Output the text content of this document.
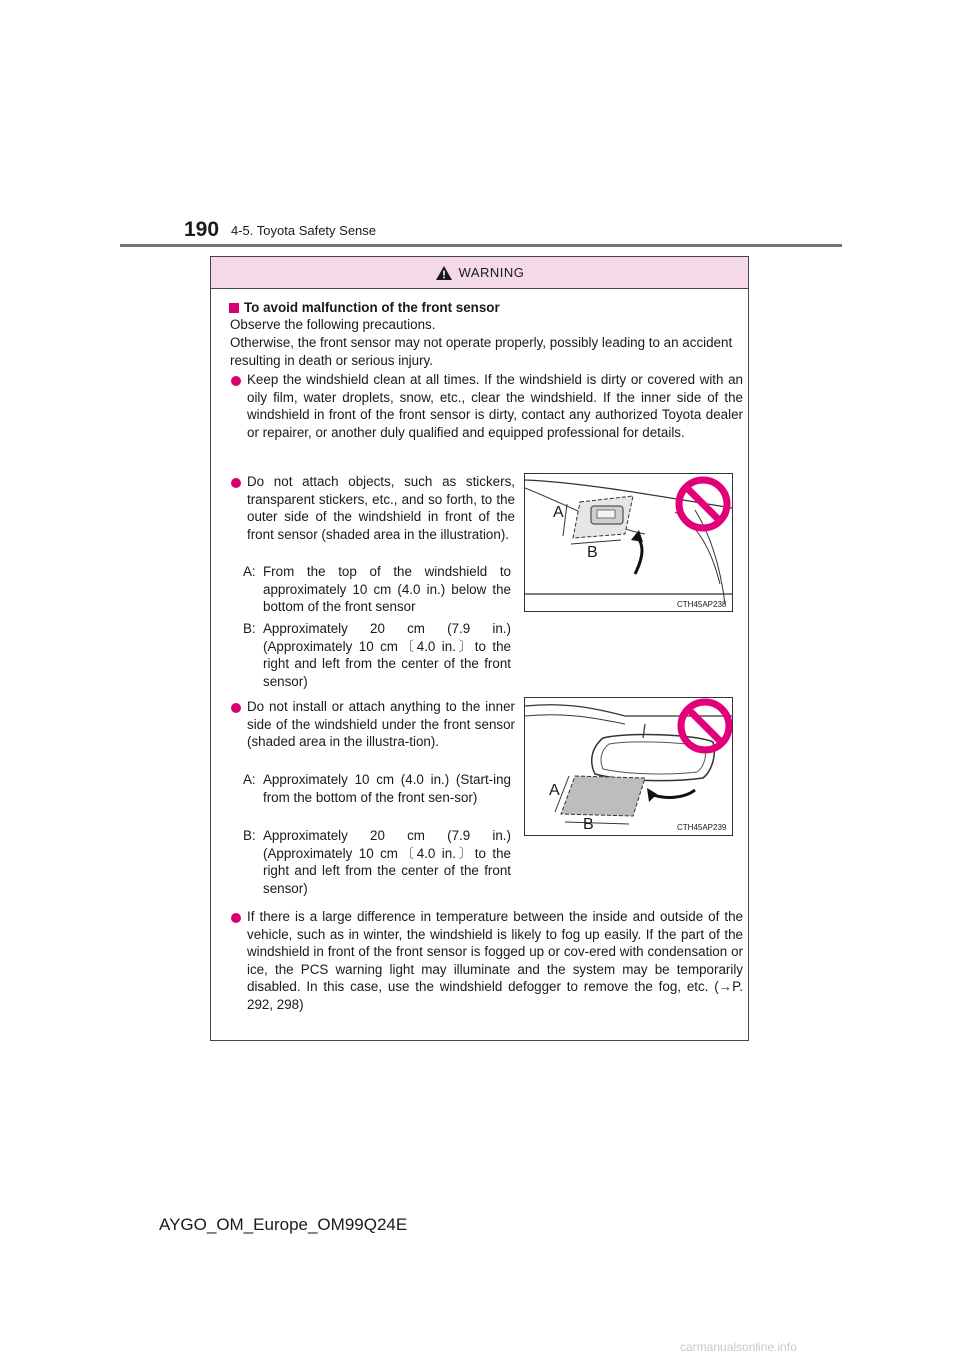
190 4-5. Toyota Safety Sense
WARNING
To avoid malfunction of the front sensor
Observe the following precautions.
Otherwise, the front sensor may not operate properly, possibly leading to an accident resulting in death or serious injury.
Keep the windshield clean at all times. If the windshield is dirty or covered with an oily film, water droplets, snow, etc., clear the windshield. If the inner side of the windshield in front of the front sensor is dirty, contact any authorized Toyota dealer or repairer, or another duly qualified and equipped professional for details.
Do not attach objects, such as stickers, transparent stickers, etc., and so forth, to the outer side of the windshield in front of the front sensor (shaded area in the illustration).
A: From the top of the windshield to approximately 10 cm (4.0 in.) below the bottom of the front sensor
B: Approximately 20 cm (7.9 in.) (Approximately 10 cm〔4.0 in.〕to the right and left from the center of the front sensor)
A
B
CTH45AP238
Do not install or attach anything to the inner side of the windshield under the front sensor (shaded area in the illustra-tion).
A: Approximately 10 cm (4.0 in.) (Start-ing from the bottom of the front sen-sor)
B: Approximately 20 cm (7.9 in.) (Approximately 10 cm〔4.0 in.〕to the right and left from the center of the front sensor)
A
B	CTH45AP239
If there is a large difference in temperature between the inside and outside of the vehicle, such as in winter, the windshield is likely to fog up easily. If the part of the windshield in front of the front sensor is fogged up or cov-ered with condensation or ice, the PCS warning light may illuminate and the system may be temporarily disabled. In this case, use the windshield defogger to remove the fog, etc. (→P. 292, 298)
AYGO_OM_Europe_OM99Q24E
carmanualsonline.info
